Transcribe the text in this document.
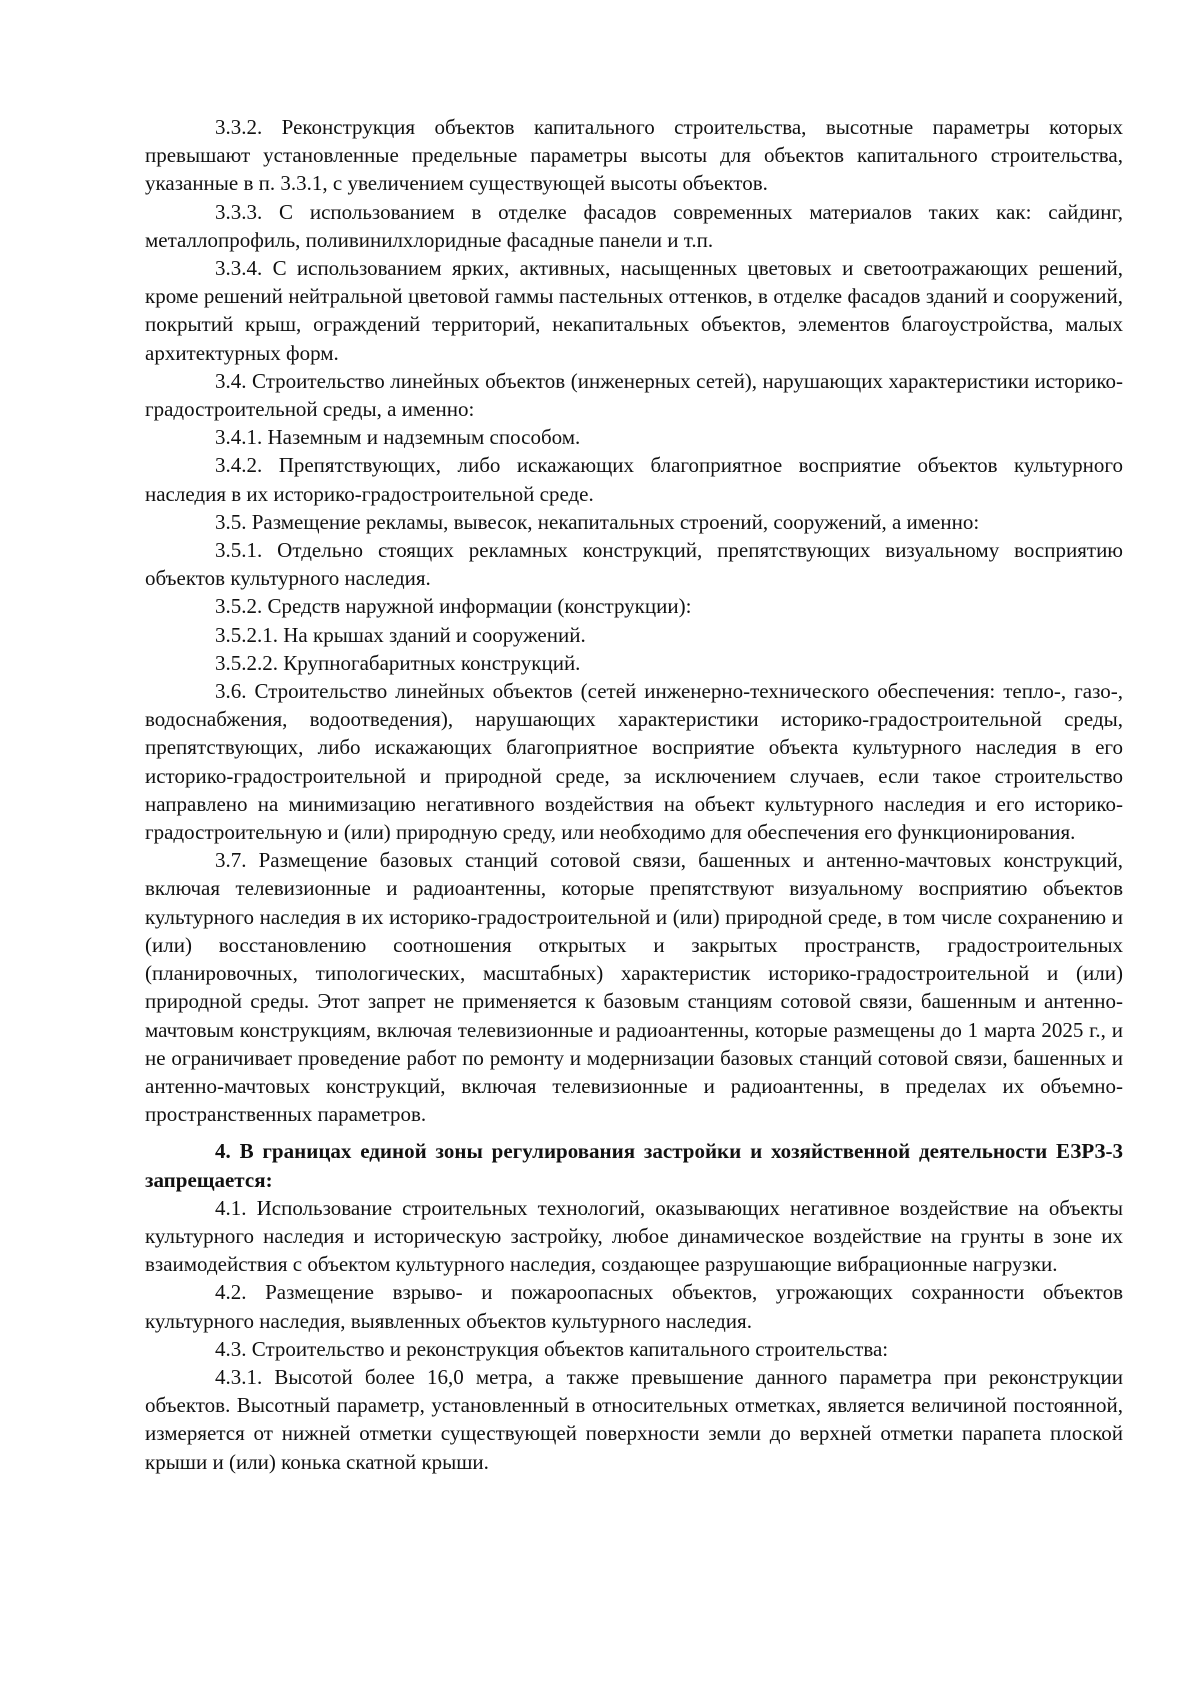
3.3.2. Реконструкция объектов капитального строительства, высотные параметры которых превышают установленные предельные параметры высоты для объектов капитального строительства, указанные в п. 3.3.1, с увеличением существующей высоты объектов.

3.3.3. С использованием в отделке фасадов современных материалов таких как: сайдинг, металлопрофиль, поливинилхлоридные фасадные панели и т.п.

3.3.4. С использованием ярких, активных, насыщенных цветовых и светоотражающих решений, кроме решений нейтральной цветовой гаммы пастельных оттенков, в отделке фасадов зданий и сооружений, покрытий крыш, ограждений территорий, некапитальных объектов, элементов благоустройства, малых архитектурных форм.

3.4. Строительство линейных объектов (инженерных сетей), нарушающих характеристики историко-градостроительной среды, а именно:

3.4.1. Наземным и надземным способом.

3.4.2. Препятствующих, либо искажающих благоприятное восприятие объектов культурного наследия в их историко-градостроительной среде.

3.5. Размещение рекламы, вывесок, некапитальных строений, сооружений, а именно:

3.5.1. Отдельно стоящих рекламных конструкций, препятствующих визуальному восприятию объектов культурного наследия.

3.5.2. Средств наружной информации (конструкции):

3.5.2.1. На крышах зданий и сооружений.

3.5.2.2. Крупногабаритных конструкций.

3.6. Строительство линейных объектов (сетей инженерно-технического обеспечения: тепло-, газо-, водоснабжения, водоотведения), нарушающих характеристики историко-градостроительной среды, препятствующих, либо искажающих благоприятное восприятие объекта культурного наследия в его историко-градостроительной и природной среде, за исключением случаев, если такое строительство направлено на минимизацию негативного воздействия на объект культурного наследия и его историко-градостроительную и (или) природную среду, или необходимо для обеспечения его функционирования.

3.7. Размещение базовых станций сотовой связи, башенных и антенно-мачтовых конструкций, включая телевизионные и радиоантенны, которые препятствуют визуальному восприятию объектов культурного наследия в их историко-градостроительной и (или) природной среде, в том числе сохранению и (или) восстановлению соотношения открытых и закрытых пространств, градостроительных (планировочных, типологических, масштабных) характеристик историко-градостроительной и (или) природной среды. Этот запрет не применяется к базовым станциям сотовой связи, башенным и антенно-мачтовым конструкциям, включая телевизионные и радиоантенны, которые размещены до 1 марта 2025 г., и не ограничивает проведение работ по ремонту и модернизации базовых станций сотовой связи, башенных и антенно-мачтовых конструкций, включая телевизионные и радиоантенны, в пределах их объемно-пространственных параметров.

4. В границах единой зоны регулирования застройки и хозяйственной деятельности ЕЗРЗ-3 запрещается:

4.1. Использование строительных технологий, оказывающих негативное воздействие на объекты культурного наследия и историческую застройку, любое динамическое воздействие на грунты в зоне их взаимодействия с объектом культурного наследия, создающее разрушающие вибрационные нагрузки.

4.2. Размещение взрыво- и пожароопасных объектов, угрожающих сохранности объектов культурного наследия, выявленных объектов культурного наследия.

4.3. Строительство и реконструкция объектов капитального строительства:

4.3.1. Высотой более 16,0 метра, а также превышение данного параметра при реконструкции объектов. Высотный параметр, установленный в относительных отметках, является величиной постоянной, измеряется от нижней отметки существующей поверхности земли до верхней отметки парапета плоской крыши и (или) конька скатной крыши.
